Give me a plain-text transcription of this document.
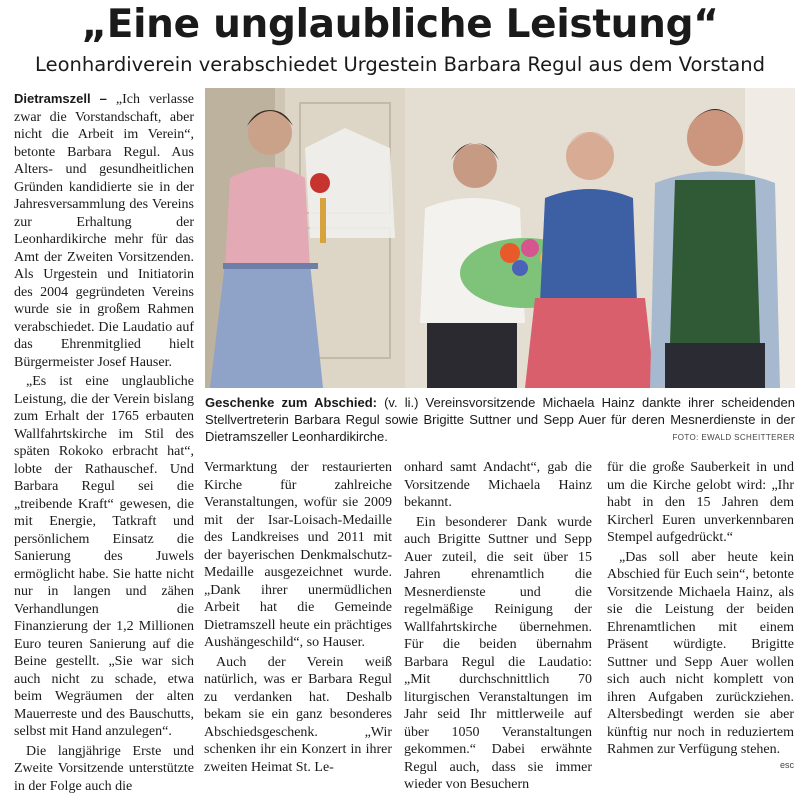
„Eine unglaubliche Leistung“
Leonhardiverein verabschiedet Urgestein Barbara Regul aus dem Vorstand

Dietramszell – „Ich verlasse zwar die Vorstandschaft, aber nicht die Arbeit im Verein“, betonte Barbara Regul. Aus Alters- und gesundheitlichen Gründen kandidierte sie in der Jahresversammlung des Vereins zur Erhaltung der Leonhardikirche mehr für das Amt der Zweiten Vorsitzenden. Als Urgestein und Initiatorin des 2004 gegründeten Vereins wurde sie in großem Rahmen verabschiedet. Die Laudatio auf das Ehrenmitglied hielt Bürgermeister Josef Hauser.

„Es ist eine unglaubliche Leistung, die der Verein bislang zum Erhalt der 1765 erbauten Wallfahrtskirche im Stil des späten Rokoko erbracht hat“, lobte der Rathauschef. Und Barbara Regul sei die „treibende Kraft“ gewesen, die mit Energie, Tatkraft und persönlichem Einsatz die Sanierung des Juwels ermöglicht habe. Sie hatte nicht nur in langen und zähen Verhandlungen die Finanzierung der 1,2 Millionen Euro teuren Sanierung auf die Beine gestellt. „Sie war sich auch nicht zu schade, etwa beim Wegräumen der alten Mauerreste und des Bauschutts, selbst mit Hand anzulegen“.

Die langjährige Erste und Zweite Vorsitzende unterstützte in der Folge auch die

Geschenke zum Abschied: (v. li.) Vereinsvorsitzende Michaela Hainz dankte ihrer scheidenden Stellvertreterin Barbara Regul sowie Brigitte Suttner und Sepp Auer für deren Mesnerdienste in der Dietramszeller Leonhardikirche.	FOTO: EWALD SCHEITTERER

Vermarktung der restaurierten Kirche für zahlreiche Veranstaltungen, wofür sie 2009 mit der Isar-Loisach-Medaille des Landkreises und 2011 mit der bayerischen Denkmalschutz-Medaille ausgezeichnet wurde. „Dank ihrer unermüdlichen Arbeit hat die Gemeinde Dietramszell heute ein prächtiges Aushängeschild“, so Hauser.

Auch der Verein weiß natürlich, was er Barbara Regul zu verdanken hat. Deshalb bekam sie ein ganz besonderes Abschiedsgeschenk. „Wir schenken ihr ein Konzert in ihrer zweiten Heimat St. Le-

onhard samt Andacht“, gab die Vorsitzende Michaela Hainz bekannt.

Ein besonderer Dank wurde auch Brigitte Suttner und Sepp Auer zuteil, die seit über 15 Jahren ehrenamtlich die Mesnerdienste und die regelmäßige Reinigung der Wallfahrtskirche übernehmen. Für die beiden übernahm Barbara Regul die Laudatio: „Mit durchschnittlich 70 liturgischen Veranstaltungen im Jahr seid Ihr mittlerweile auf über 1050 Veranstaltungen gekommen.“ Dabei erwähnte Regul auch, dass sie immer wieder von Besuchern

für die große Sauberkeit in und um die Kirche gelobt wird: „Ihr habt in den 15 Jahren dem Kircherl Euren unverkennbaren Stempel aufgedrückt.“

„Das soll aber heute kein Abschied für Euch sein“, betonte Vorsitzende Michaela Hainz, als sie die Leistung der beiden Ehrenamtlichen mit einem Präsent würdigte. Brigitte Suttner und Sepp Auer wollen sich auch nicht komplett von ihren Aufgaben zurückziehen. Altersbedingt werden sie aber künftig nur noch in reduziertem Rahmen zur Verfügung stehen.

esc
